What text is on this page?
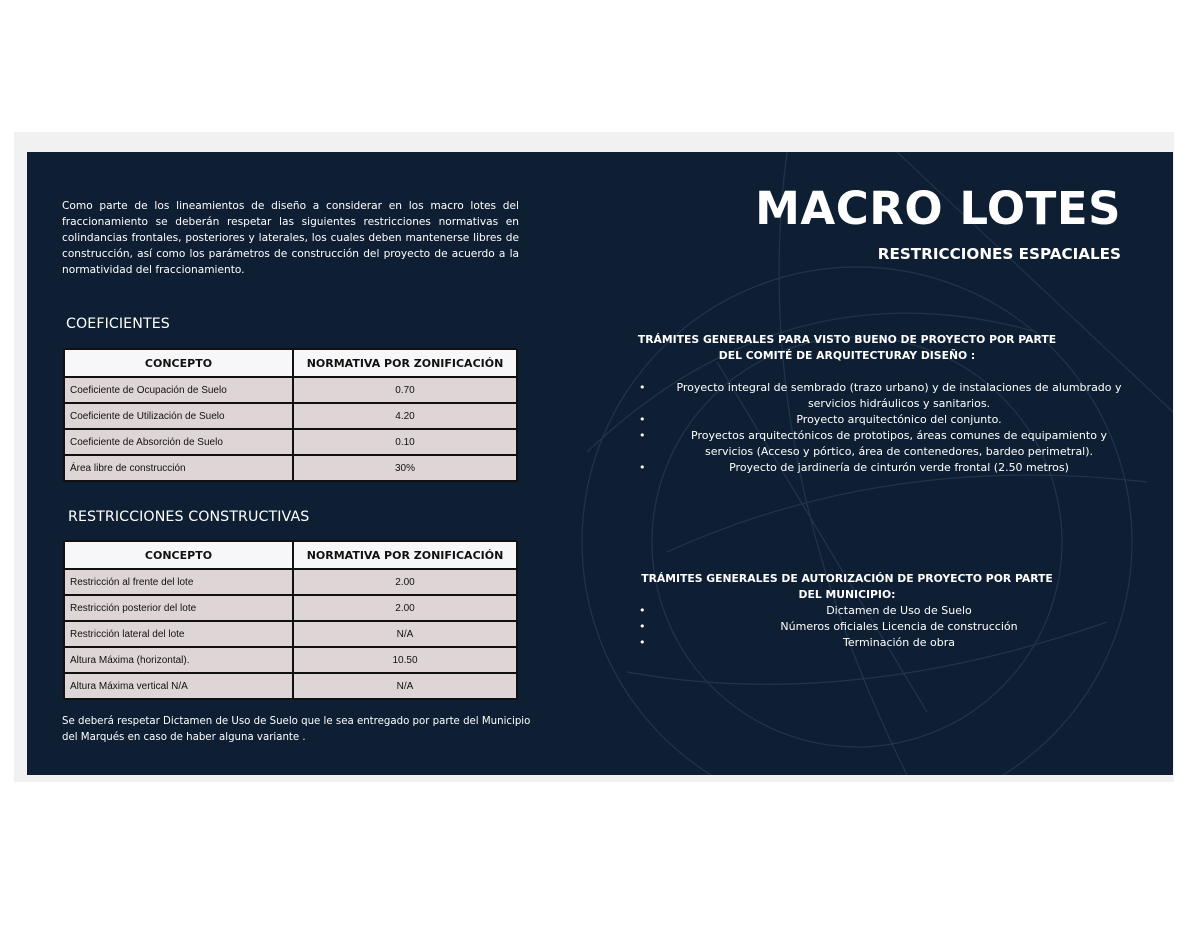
Como parte de los lineamientos de diseño a considerar en los macro lotes del fraccionamiento se deberán respetar las siguientes restricciones normativas en colindancias frontales, posteriores y laterales, los cuales deben mantenerse libres de construcción, así como los parámetros de construcción del proyecto de acuerdo a la normatividad del fraccionamiento.

COEFICIENTES
CONCEPTO	NORMATIVA POR ZONIFICACIÓN
Coeficiente de Ocupación de Suelo	0.70
Coeficiente de Utilización de Suelo	4.20
Coeficiente de Absorción de Suelo	0.10
Área libre de construcción	30%
RESTRICCIONES CONSTRUCTIVAS
CONCEPTO	NORMATIVA POR ZONIFICACIÓN
Restricción al frente del lote	2.00
Restricción posterior del lote	2.00
Restricción lateral del lote	N/A
Altura Máxima (horizontal).	10.50
Altura Máxima vertical N/A	N/A

Se deberá respetar Dictamen de Uso de Suelo que le sea entregado por parte del Municipio del Marqués en caso de haber alguna variante .

MACRO LOTES
RESTRICCIONES ESPACIALES

TRÁMITES GENERALES PARA VISTO BUENO DE PROYECTO POR PARTE DEL COMITÉ DE ARQUITECTURAY DISEÑO :

•	Proyecto integral de sembrado (trazo urbano) y de instalaciones de alumbrado y servicios hidráulicos y sanitarios.
•	Proyecto arquitectónico del conjunto.
•	Proyectos arquitectónicos de prototipos, áreas comunes de equipamiento y servicios (Acceso y pórtico, área de contenedores, bardeo perimetral).
•	Proyecto de jardinería de cinturón verde frontal (2.50 metros)

TRÁMITES GENERALES DE AUTORIZACIÓN DE PROYECTO POR PARTE DEL MUNICIPIO:

•	Dictamen de Uso de Suelo
•	Números oficiales Licencia de construcción
•	Terminación de obra
